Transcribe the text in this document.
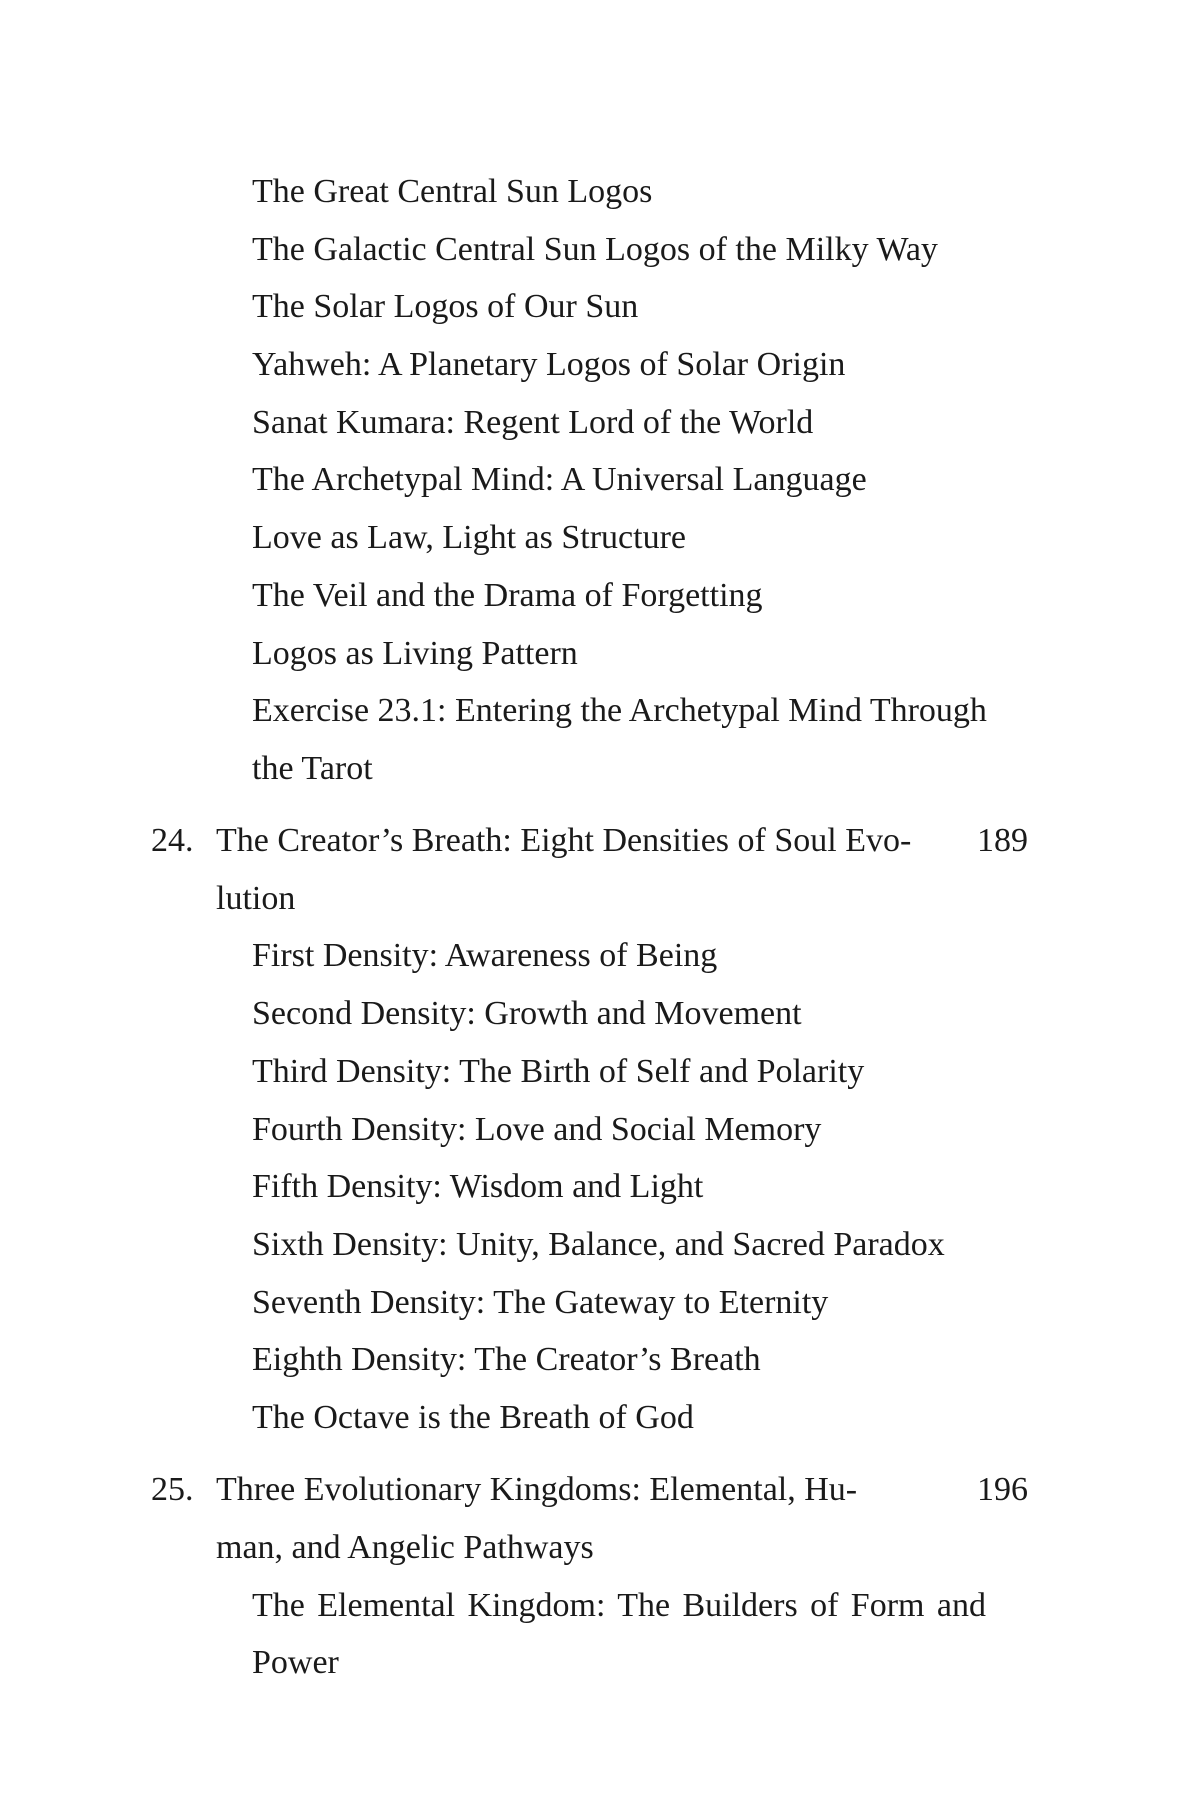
The Great Central Sun Logos
The Galactic Central Sun Logos of the Milky Way
The Solar Logos of Our Sun
Yahweh: A Planetary Logos of Solar Origin
Sanat Kumara: Regent Lord of the World
The Archetypal Mind: A Universal Language
Love as Law, Light as Structure
The Veil and the Drama of Forgetting
Logos as Living Pattern
Exercise 23.1: Entering the Archetypal Mind Through
the Tarot
24. The Creator’s Breath: Eight Densities of Soul Evo- 189
lution
First Density: Awareness of Being
Second Density: Growth and Movement
Third Density: The Birth of Self and Polarity
Fourth Density: Love and Social Memory
Fifth Density: Wisdom and Light
Sixth Density: Unity, Balance, and Sacred Paradox
Seventh Density: The Gateway to Eternity
Eighth Density: The Creator’s Breath
The Octave is the Breath of God
25. Three Evolutionary Kingdoms: Elemental, Hu-	196
man, and Angelic Pathways
The Elemental Kingdom: The Builders of Form and
Power
